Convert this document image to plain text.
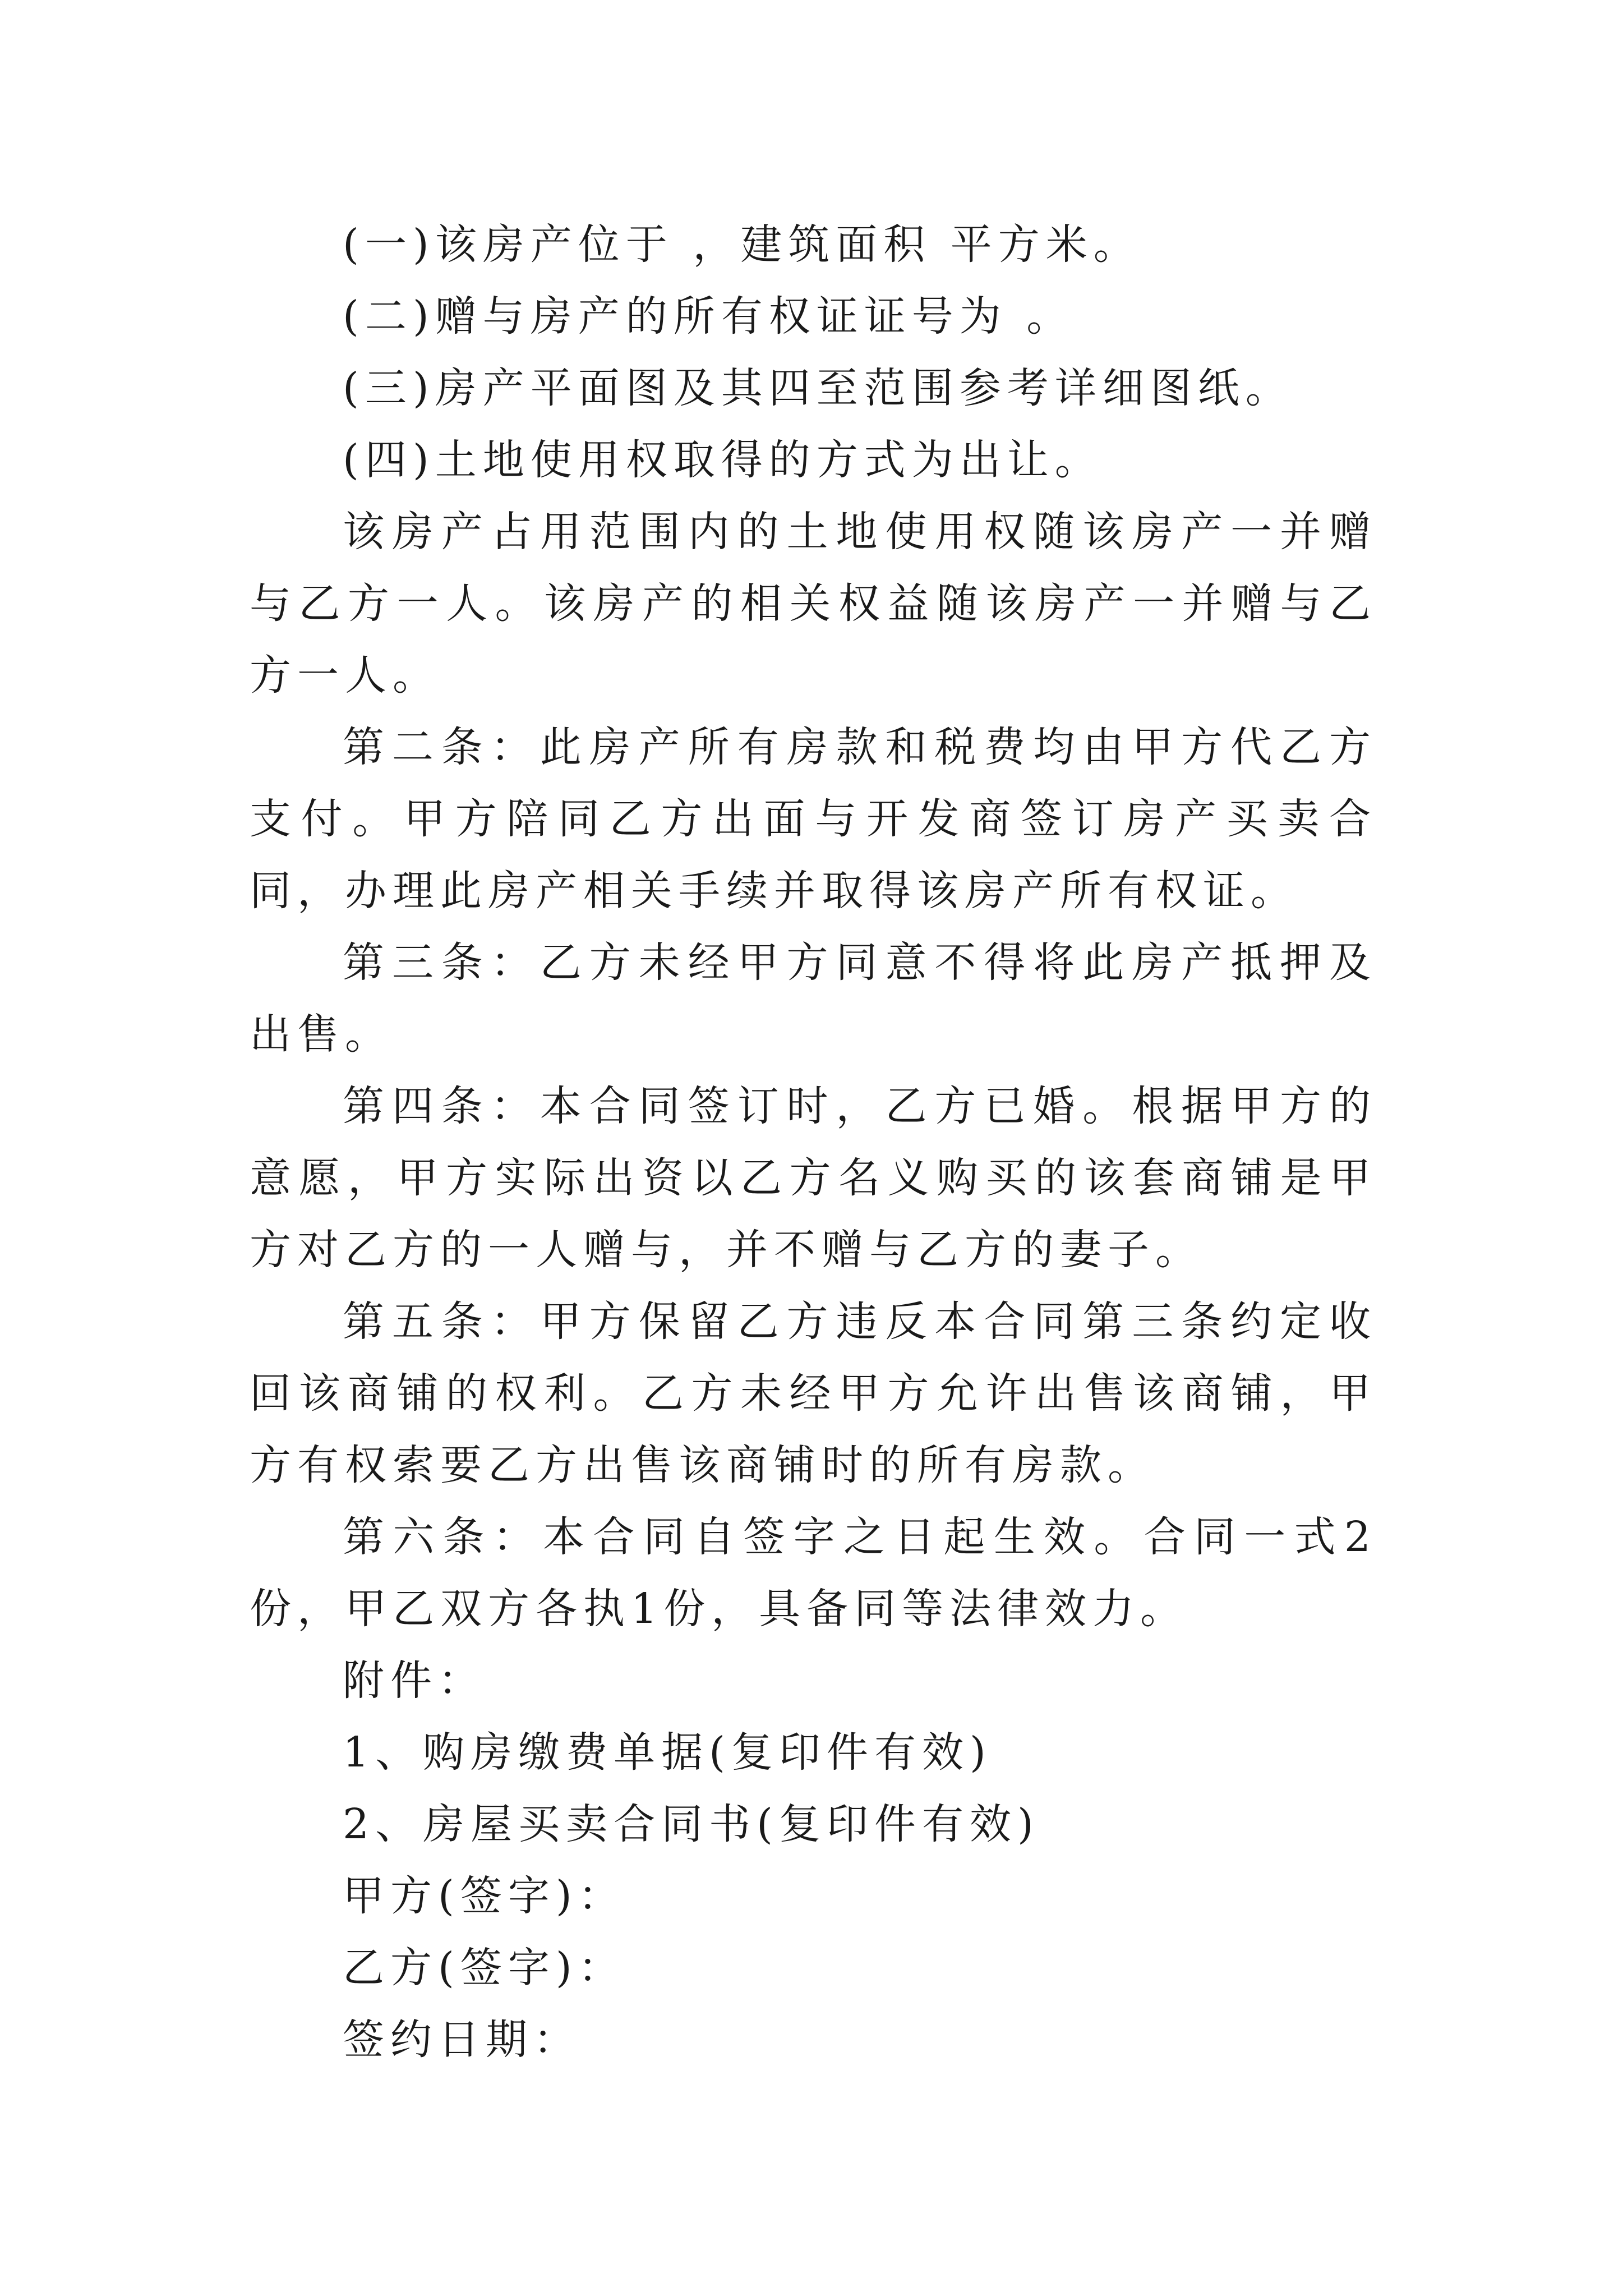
(一)该房产位于 ，建筑面积 平方米。

(二)赠与房产的所有权证证号为 。

(三)房产平面图及其四至范围参考详细图纸。

(四)土地使用权取得的方式为出让。

该房产占用范围内的土地使用权随该房产一并赠与乙方一人。该房产的相关权益随该房产一并赠与乙方一人。

第二条：此房产所有房款和税费均由甲方代乙方支付。甲方陪同乙方出面与开发商签订房产买卖合同，办理此房产相关手续并取得该房产所有权证。

第三条：乙方未经甲方同意不得将此房产抵押及出售。

第四条：本合同签订时，乙方已婚。根据甲方的意愿，甲方实际出资以乙方名义购买的该套商铺是甲方对乙方的一人赠与，并不赠与乙方的妻子。

第五条：甲方保留乙方违反本合同第三条约定收回该商铺的权利。乙方未经甲方允许出售该商铺，甲方有权索要乙方出售该商铺时的所有房款。

第六条：本合同自签字之日起生效。合同一式2份，甲乙双方各执1份，具备同等法律效力。

附件：

1、购房缴费单据(复印件有效)

2、房屋买卖合同书(复印件有效)

甲方(签字)：

乙方(签字)：

签约日期：
